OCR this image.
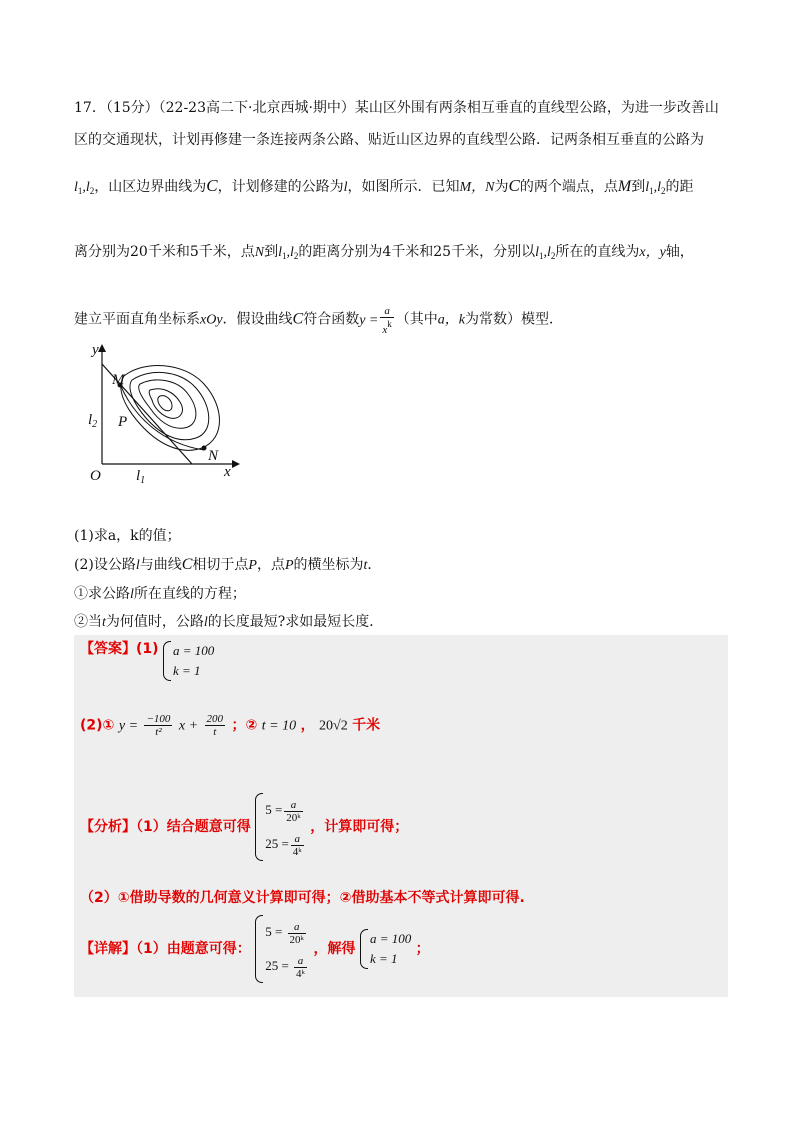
17．（15分）（22-23高二下·北京西城·期中）某山区外围有两条相互垂直的直线型公路，为进一步改善山
区的交通现状，计划再修建一条连接两条公路、贴近山区边界的直线型公路．记两条相互垂直的公路为
$l_1,l_2$，山区边界曲线为C，计划修建的公路为l，如图所示．已知M，N为C的两个端点，点M到$l_1,l_2$的距
离分别为20千米和5千米，点N到$l_1,l_2$的距离分别为4千米和25千米，分别以$l_1,l_2$所在的直线为x，y轴，
建立平面直角坐标系xOy．假设曲线C符合函数$y = \frac{a}{x^k}$ （其中a，k为常数）模型．
y
x
O
M
N
P
$l_2$
$l_1$
(1)求a，k的值；
(2)设公路l与曲线C相切于点P，点P的横坐标为t．
①求公路l所在直线的方程；
②当t为何值时，公路l的长度最短?求如最短长度．
【答案】(1) a = 100
k = 1
(2)① $y = \frac{-100}{\text{t²}}$ $x + \frac{200}{t}$ ；② t = 10 ， 20√2 千米
【分析】（1）结合题意可得
$5 = \frac{a}{\text{20ᵏ}}$
$25 = \frac{a}{\text{4ᵏ}}$
，计算即可得；
（2）①借助导数的几何意义计算即可得；②借助基本不等式计算即可得.
【详解】（1）由题意可得：
$5 = \frac{a}{\text{20ᵏ}}$
$25 = \frac{a}{\text{4ᵏ}}$
，解得
a = 100
k = 1
；
